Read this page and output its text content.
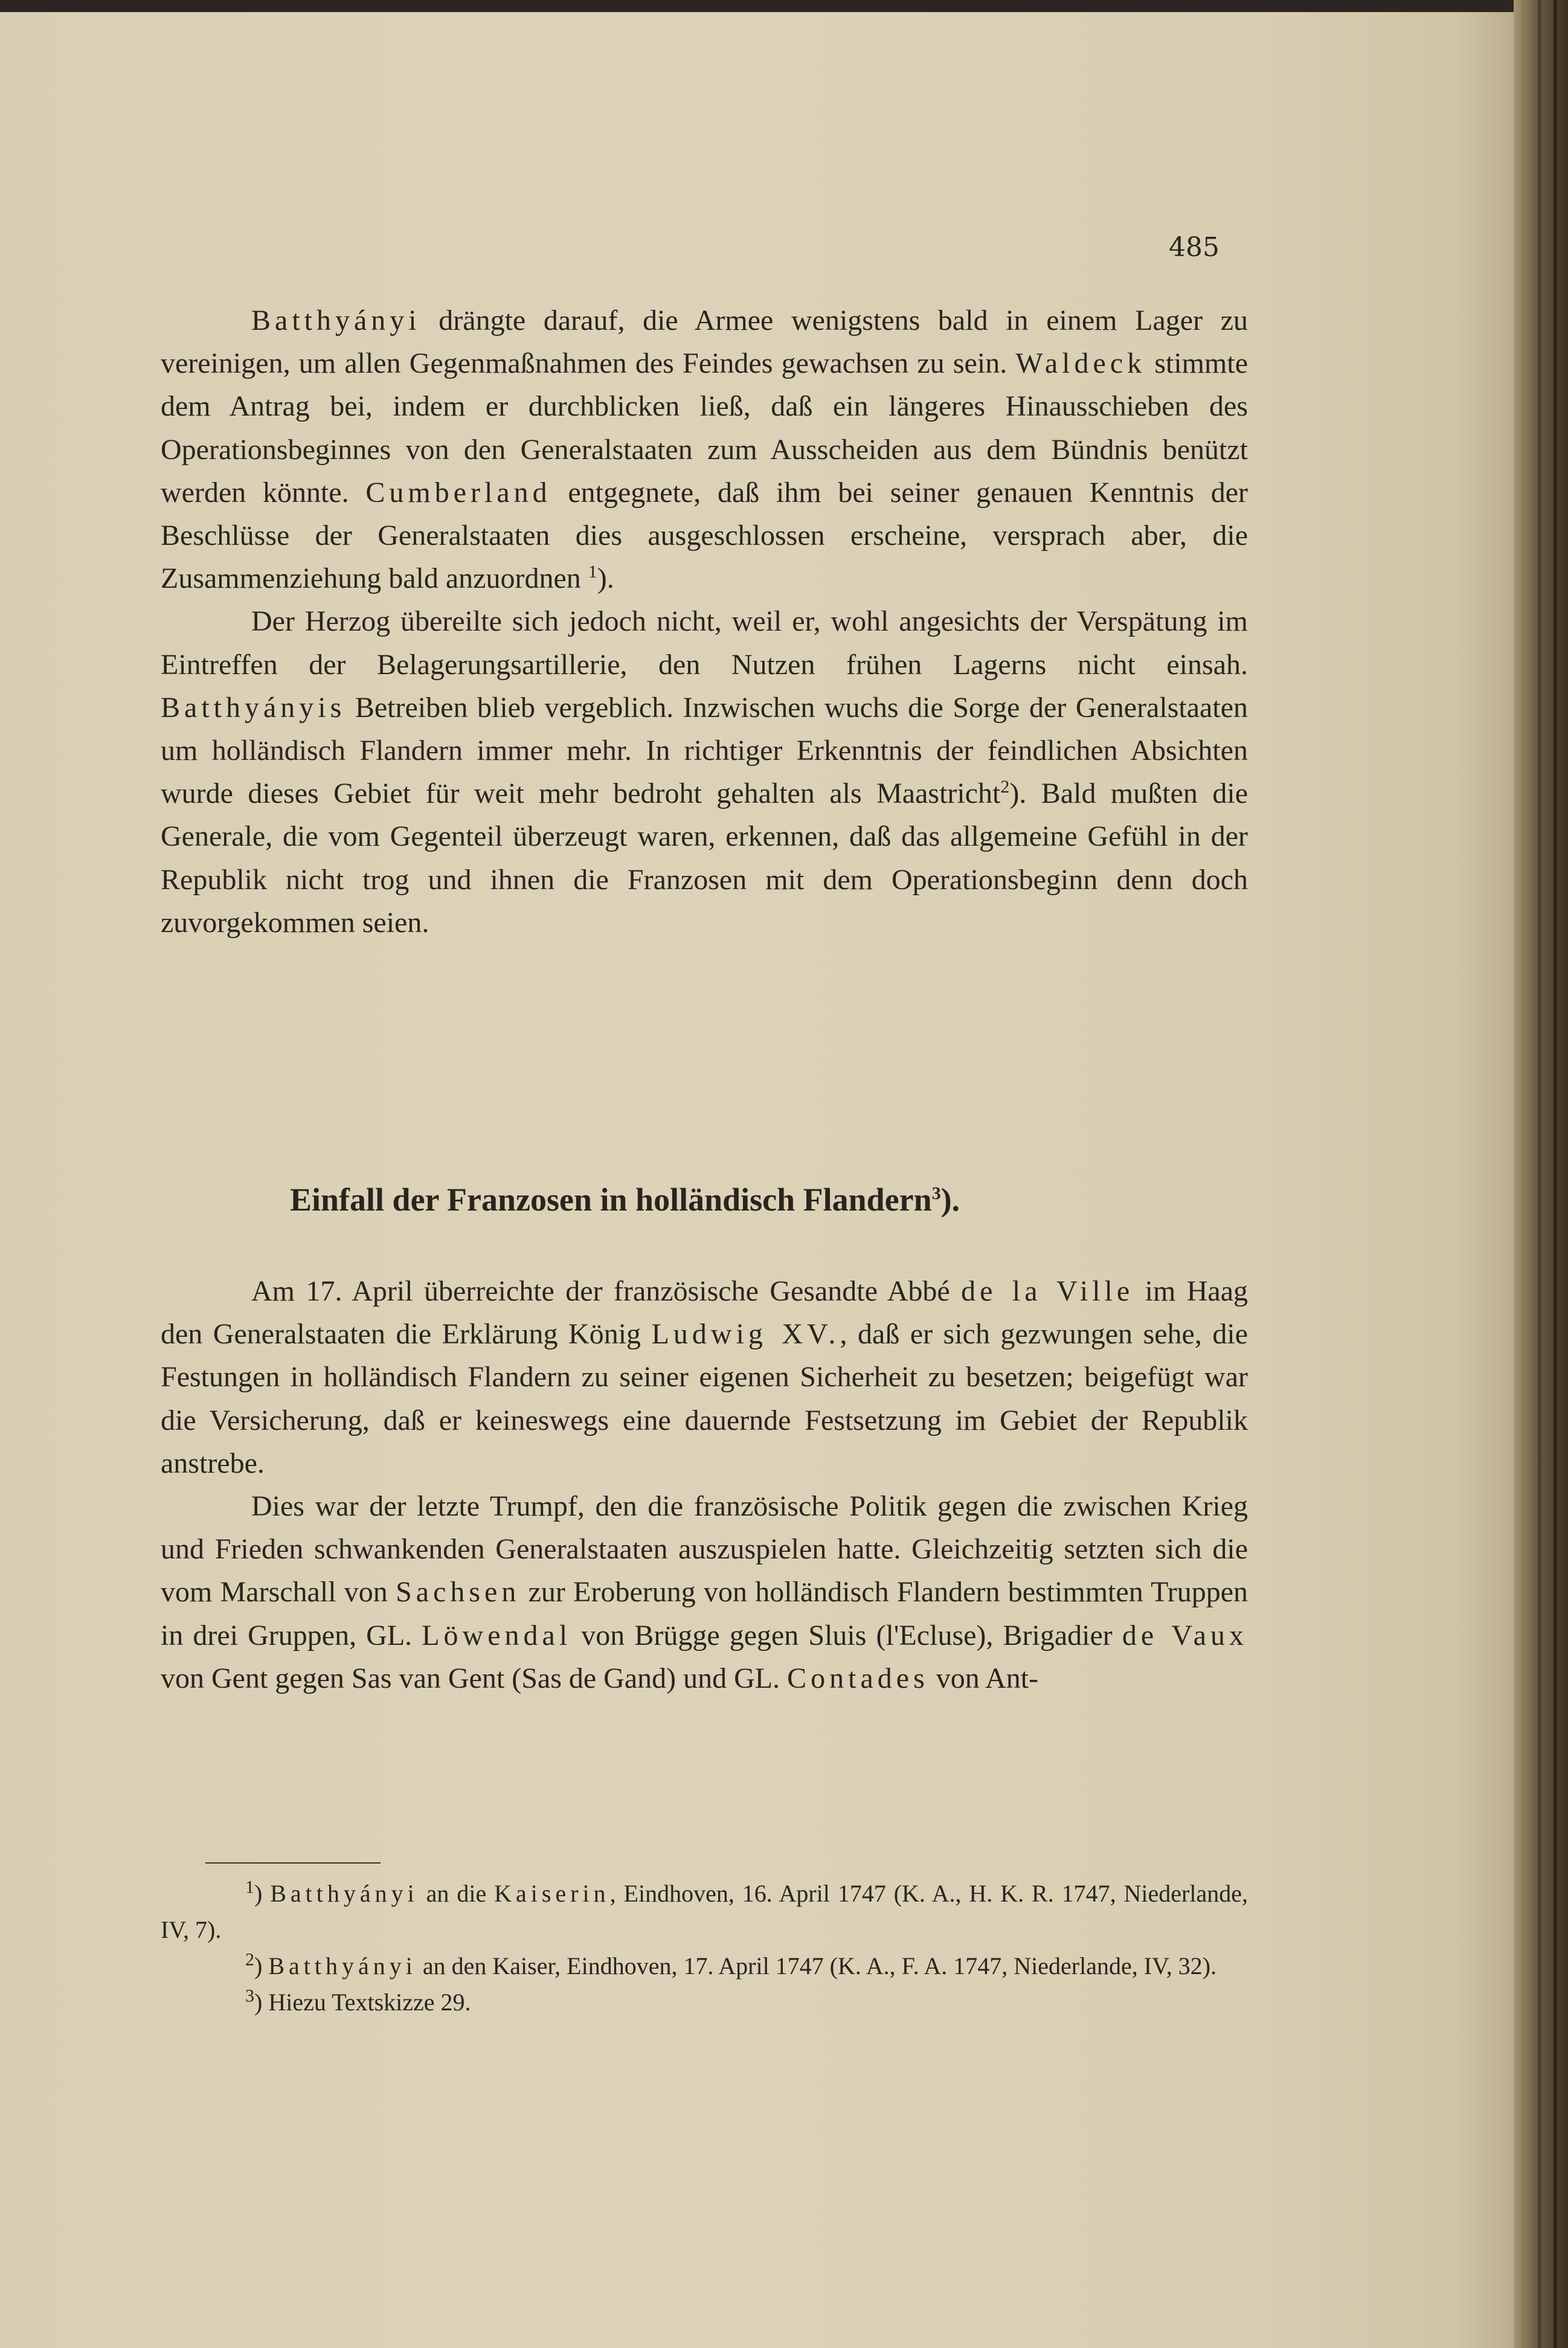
485

Batthyányi drängte darauf, die Armee wenigstens bald in einem Lager zu vereinigen, um allen Gegenmaßnahmen des Feindes gewachsen zu sein. Waldeck stimmte dem Antrag bei, indem er durchblicken ließ, daß ein längeres Hinausschieben des Operationsbeginnes von den Generalstaaten zum Ausscheiden aus dem Bündnis benützt werden könnte. Cumberland entgegnete, daß ihm bei seiner genauen Kenntnis der Beschlüsse der Generalstaaten dies ausgeschlossen erscheine, versprach aber, die Zusammenziehung bald anzuordnen $^1$).

Der Herzog übereilte sich jedoch nicht, weil er, wohl angesichts der Verspätung im Eintreffen der Belagerungsartillerie, den Nutzen frühen Lagerns nicht einsah. Batthyányis Betreiben blieb vergeblich. Inzwischen wuchs die Sorge der Generalstaaten um holländisch Flandern immer mehr. In richtiger Erkenntnis der feindlichen Absichten wurde dieses Gebiet für weit mehr bedroht gehalten als Maastricht$^2$). Bald mußten die Generale, die vom Gegenteil überzeugt waren, erkennen, daß das allgemeine Gefühl in der Republik nicht trog und ihnen die Franzosen mit dem Operationsbeginn denn doch zuvorgekommen seien.

Einfall der Franzosen in holländisch Flandern$^3$).

Am 17. April überreichte der französische Gesandte Abbé de la Ville im Haag den Generalstaaten die Erklärung König Ludwig XV., daß er sich gezwungen sehe, die Festungen in holländisch Flandern zu seiner eigenen Sicherheit zu besetzen; beigefügt war die Versicherung, daß er keineswegs eine dauernde Festsetzung im Gebiet der Republik anstrebe.

Dies war der letzte Trumpf, den die französische Politik gegen die zwischen Krieg und Frieden schwankenden Generalstaaten auszuspielen hatte. Gleichzeitig setzten sich die vom Marschall von Sachsen zur Eroberung von holländisch Flandern bestimmten Truppen in drei Gruppen, GL. Löwendal von Brügge gegen Sluis (l'Ecluse), Brigadier de Vaux von Gent gegen Sas van Gent (Sas de Gand) und GL. Contades von Ant-

$^1$) Batthyányi an die Kaiserin, Eindhoven, 16. April 1747 (K. A., H. K. R. 1747, Niederlande, IV, 7).

$^2$) Batthyányi an den Kaiser, Eindhoven, 17. April 1747 (K. A., F. A. 1747, Niederlande, IV, 32).

$^3$) Hiezu Textskizze 29.
